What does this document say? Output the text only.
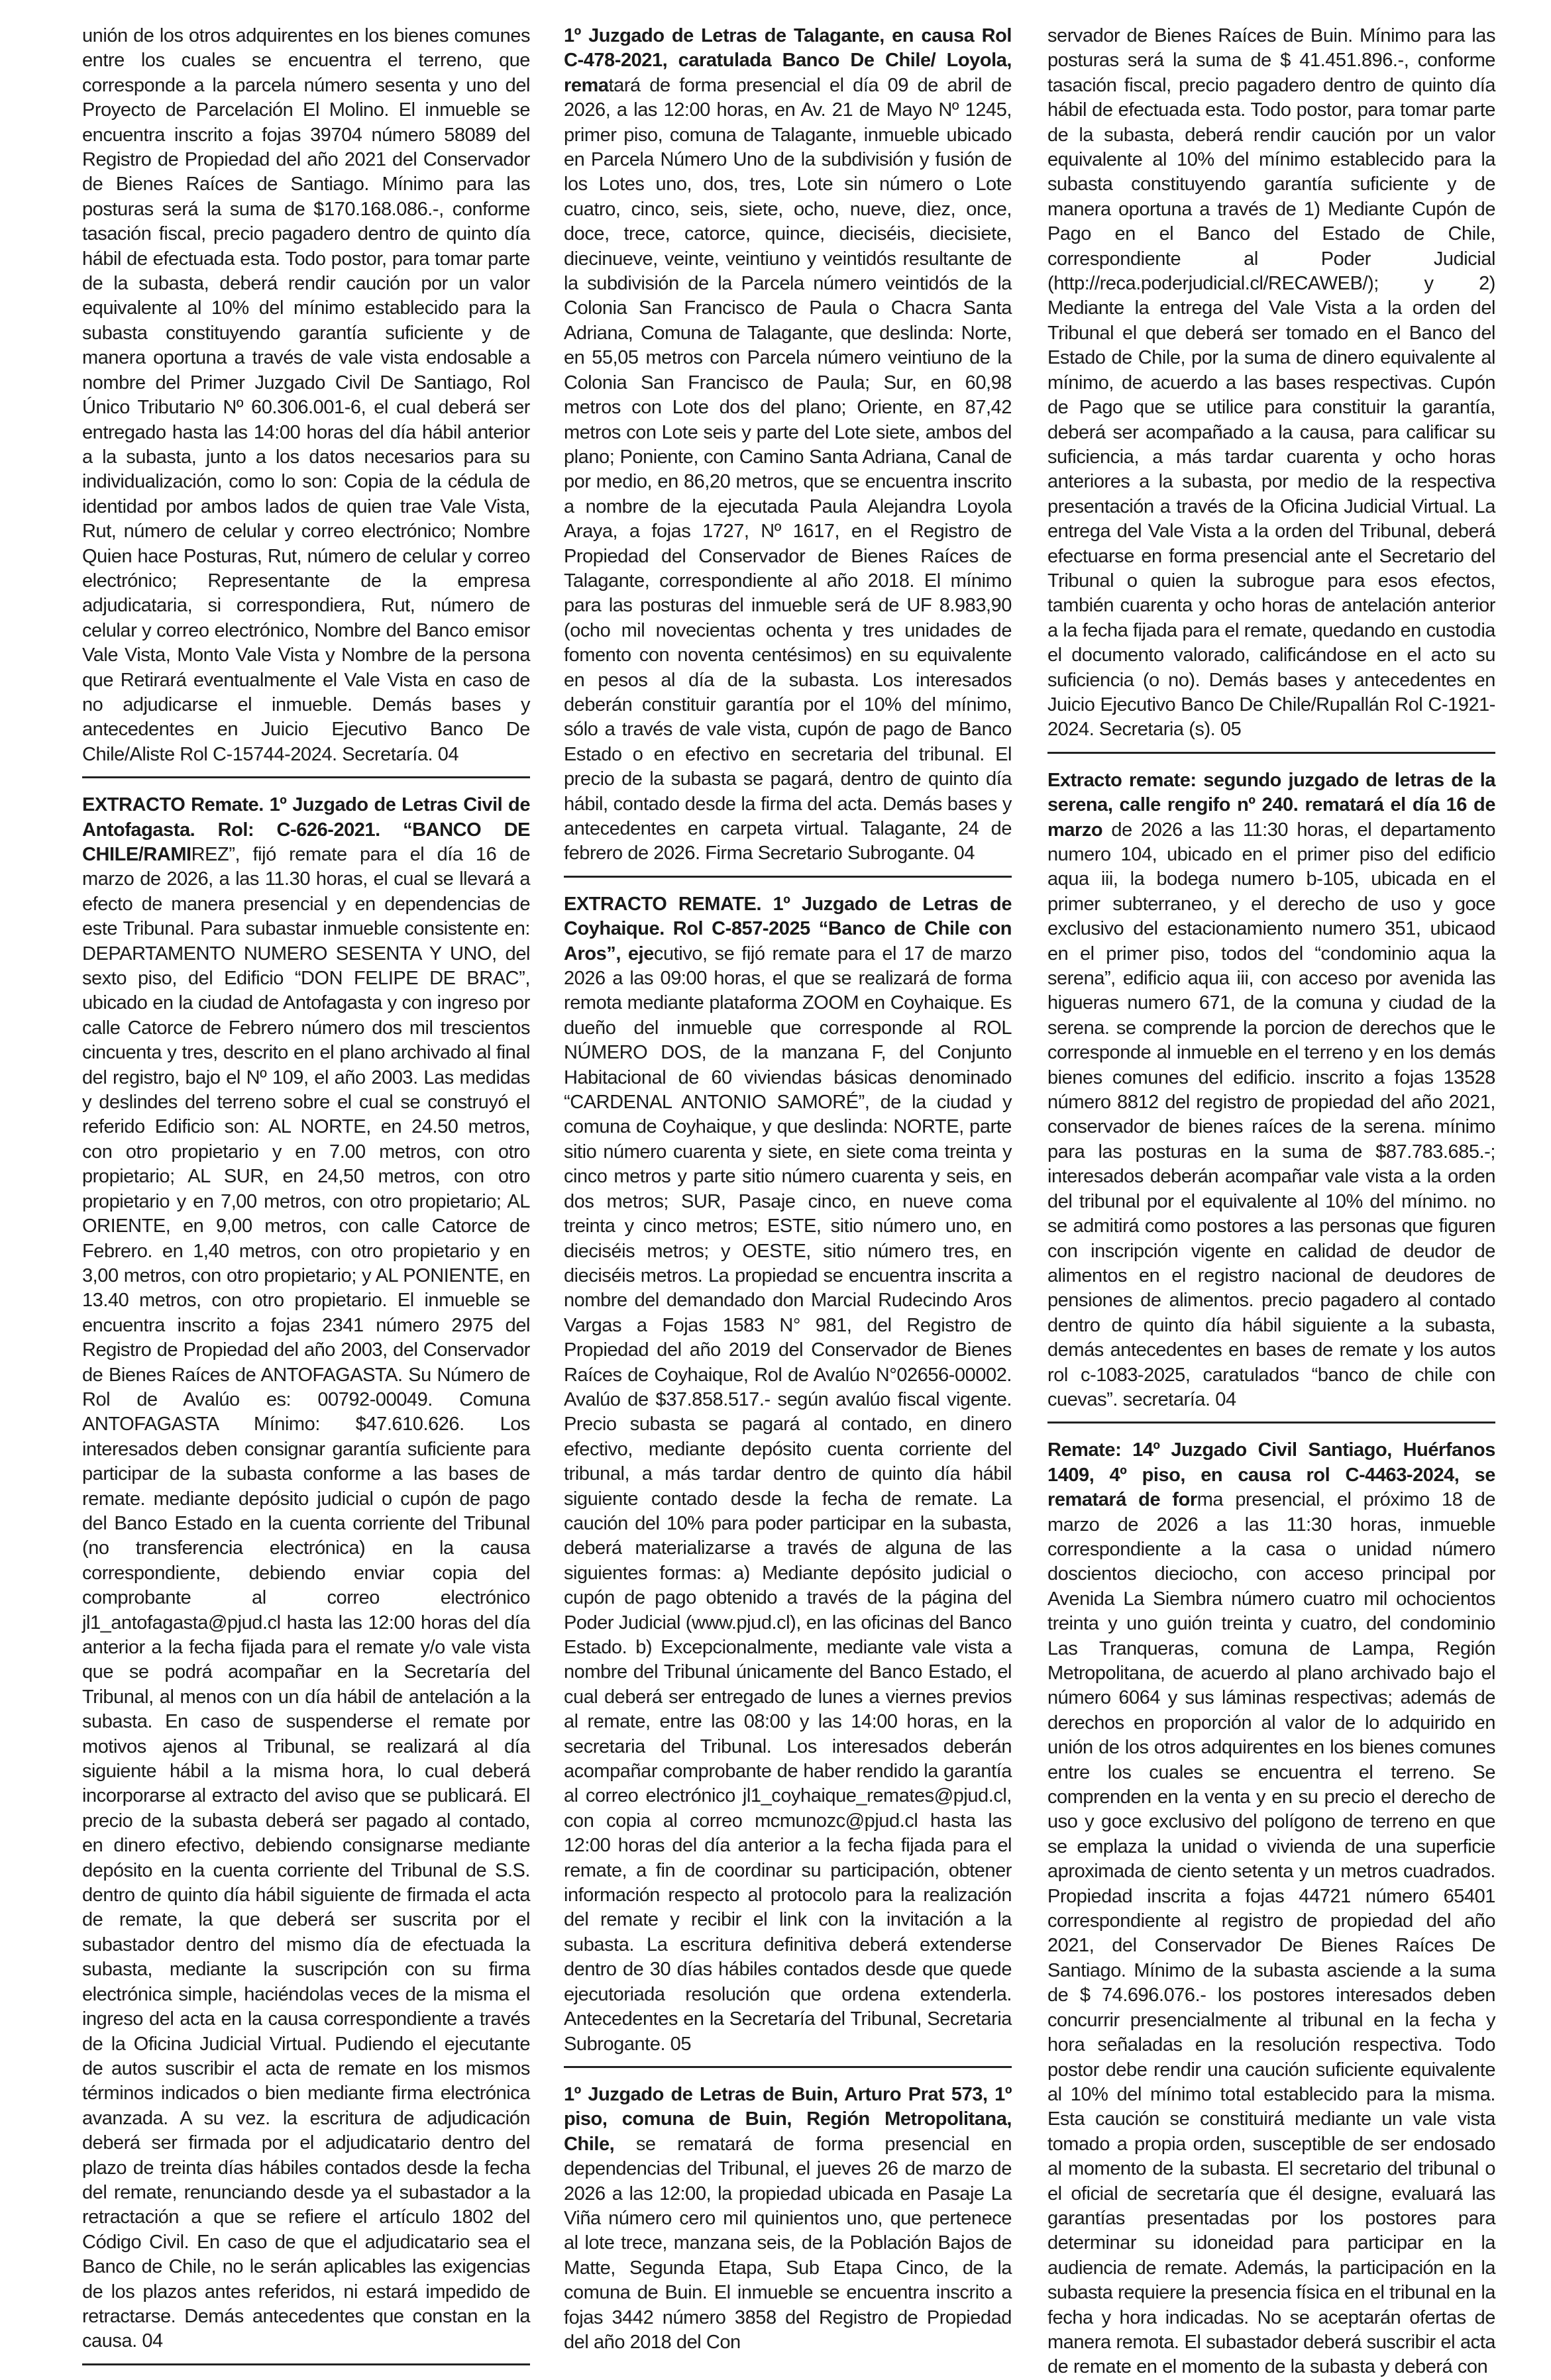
unión de los otros adquirentes en los bienes comunes entre los cuales se encuentra el terreno, que corresponde a la parcela número sesenta y uno del Proyecto de Parcelación El Molino. El inmueble se encuentra inscrito a fojas 39704 número 58089 del Registro de Propiedad del año 2021 del Conservador de Bienes Raíces de Santiago. Mínimo para las posturas será la suma de $170.168.086.-, conforme tasación fiscal, precio pagadero dentro de quinto día hábil de efectuada esta. Todo postor, para tomar parte de la subasta, deberá rendir caución por un valor equivalente al 10% del mínimo establecido para la subasta constituyendo garantía suficiente y de manera oportuna a través de vale vista endosable a nombre del Primer Juzgado Civil De Santiago, Rol Único Tributario Nº 60.306.001-6, el cual deberá ser entregado hasta las 14:00 horas del día hábil anterior a la subasta, junto a los datos necesarios para su individualización, como lo son: Copia de la cédula de identidad por ambos lados de quien trae Vale Vista, Rut, número de celular y correo electrónico; Nombre Quien hace Posturas, Rut, número de celular y correo electrónico; Representante de la empresa adjudicataria, si correspondiera, Rut, número de celular y correo electrónico, Nombre del Banco emisor Vale Vista, Monto Vale Vista y Nombre de la persona que Retirará eventualmente el Vale Vista en caso de no adjudicarse el inmueble. Demás bases y antecedentes en Juicio Ejecutivo Banco De Chile/Aliste Rol C-15744-2024. Secretaría. 04

EXTRACTO Remate. 1º Juzgado de Letras Civil de Antofagasta. Rol: C-626-2021. “BANCO DE CHILE/RAMIREZ”, fijó remate para el día 16 de marzo de 2026, a las 11.30 horas, el cual se llevará a efecto de manera presencial y en dependencias de este Tribunal. Para subastar inmueble consistente en: DEPARTAMENTO NUMERO SESENTA Y UNO, del sexto piso, del Edificio “DON FELIPE DE BRAC”, ubicado en la ciudad de Antofagasta y con ingreso por calle Catorce de Febrero número dos mil trescientos cincuenta y tres, descrito en el plano archivado al final del registro, bajo el Nº 109, el año 2003. Las medidas y deslindes del terreno sobre el cual se construyó el referido Edificio son: AL NORTE, en 24.50 metros, con otro propietario y en 7.00 metros, con otro propietario; AL SUR, en 24,50 metros, con otro propietario y en 7,00 metros, con otro propietario; AL ORIENTE, en 9,00 metros, con calle Catorce de Febrero. en 1,40 metros, con otro propietario y en 3,00 metros, con otro propietario; y AL PONIENTE, en 13.40 metros, con otro propietario. El inmueble se encuentra inscrito a fojas 2341 número 2975 del Registro de Propiedad del año 2003, del Conservador de Bienes Raíces de ANTOFAGASTA. Su Número de Rol de Avalúo es: 00792-00049. Comuna ANTOFAGASTA Mínimo: $47.610.626. Los interesados deben consignar garantía suficiente para participar de la subasta conforme a las bases de remate. mediante depósito judicial o cupón de pago del Banco Estado en la cuenta corriente del Tribunal (no transferencia electrónica) en la causa correspondiente, debiendo enviar copia del comprobante al correo electrónico jl1_antofagasta@pjud.cl hasta las 12:00 horas del día anterior a la fecha fijada para el remate y/o vale vista que se podrá acompañar en la Secretaría del Tribunal, al menos con un día hábil de antelación a la subasta. En caso de suspenderse el remate por motivos ajenos al Tribunal, se realizará al día siguiente hábil a la misma hora, lo cual deberá incorporarse al extracto del aviso que se publicará. El precio de la subasta deberá ser pagado al contado, en dinero efectivo, debiendo consignarse mediante depósito en la cuenta corriente del Tribunal de S.S. dentro de quinto día hábil siguiente de firmada el acta de remate, la que deberá ser suscrita por el subastador dentro del mismo día de efectuada la subasta, mediante la suscripción con su firma electrónica simple, haciéndolas veces de la misma el ingreso del acta en la causa correspondiente a través de la Oficina Judicial Virtual. Pudiendo el ejecutante de autos suscribir el acta de remate en los mismos términos indicados o bien mediante firma electrónica avanzada. A su vez. la escritura de adjudicación deberá ser firmada por el adjudicatario dentro del plazo de treinta días hábiles contados desde la fecha del remate, renunciando desde ya el subastador a la retractación a que se refiere el artículo 1802 del Código Civil. En caso de que el adjudicatario sea el Banco de Chile, no le serán aplicables las exigencias de los plazos antes referidos, ni estará impedido de retractarse. Demás antecedentes que constan en la causa. 04

1º Juzgado de Letras de Talagante, en causa Rol C-478-2021, caratulada Banco De Chile/ Loyola, rematará de forma presencial el día 09 de abril de 2026, a las 12:00 horas, en Av. 21 de Mayo Nº 1245, primer piso, comuna de Talagante, inmueble ubicado en Parcela Número Uno de la subdivisión y fusión de los Lotes uno, dos, tres, Lote sin número o Lote cuatro, cinco, seis, siete, ocho, nueve, diez, once, doce, trece, catorce, quince, dieciséis, diecisiete, diecinueve, veinte, veintiuno y veintidós resultante de la subdivisión de la Parcela número veintidós de la Colonia San Francisco de Paula o Chacra Santa Adriana, Comuna de Talagante, que deslinda: Norte, en 55,05 metros con Parcela número veintiuno de la Colonia San Francisco de Paula; Sur, en 60,98 metros con Lote dos del plano; Oriente, en 87,42 metros con Lote seis y parte del Lote siete, ambos del plano; Poniente, con Camino Santa Adriana, Canal de por medio, en 86,20 metros, que se encuentra inscrito a nombre de la ejecutada Paula Alejandra Loyola Araya, a fojas 1727, Nº 1617, en el Registro de Propiedad del Conservador de Bienes Raíces de Talagante, correspondiente al año 2018. El mínimo para las posturas del inmueble será de UF 8.983,90 (ocho mil novecientas ochenta y tres unidades de fomento con noventa centésimos) en su equivalente en pesos al día de la subasta. Los interesados deberán constituir garantía por el 10% del mínimo, sólo a través de vale vista, cupón de pago de Banco Estado o en efectivo en secretaria del tribunal. El precio de la subasta se pagará, dentro de quinto día hábil, contado desde la firma del acta. Demás bases y antecedentes en carpeta virtual. Talagante, 24 de febrero de 2026. Firma Secretario Subrogante. 04

EXTRACTO REMATE. 1º Juzgado de Letras de Coyhaique. Rol C-857-2025 “Banco de Chile con Aros”, ejecutivo, se fijó remate para el 17 de marzo 2026 a las 09:00 horas, el que se realizará de forma remota mediante plataforma ZOOM en Coyhaique. Es dueño del inmueble que corresponde al ROL NÚMERO DOS, de la manzana F, del Conjunto Habitacional de 60 viviendas básicas denominado “CARDENAL ANTONIO SAMORÉ”, de la ciudad y comuna de Coyhaique, y que deslinda: NORTE, parte sitio número cuarenta y siete, en siete coma treinta y cinco metros y parte sitio número cuarenta y seis, en dos metros; SUR, Pasaje cinco, en nueve coma treinta y cinco metros; ESTE, sitio número uno, en dieciséis metros; y OESTE, sitio número tres, en dieciséis metros. La propiedad se encuentra inscrita a nombre del demandado don Marcial Rudecindo Aros Vargas a Fojas 1583 N° 981, del Registro de Propiedad del año 2019 del Conservador de Bienes Raíces de Coyhaique, Rol de Avalúo N°02656-00002. Avalúo de $37.858.517.- según avalúo fiscal vigente. Precio subasta se pagará al contado, en dinero efectivo, mediante depósito cuenta corriente del tribunal, a más tardar dentro de quinto día hábil siguiente contado desde la fecha de remate. La caución del 10% para poder participar en la subasta, deberá materializarse a través de alguna de las siguientes formas: a) Mediante depósito judicial o cupón de pago obtenido a través de la página del Poder Judicial (www.pjud.cl), en las oficinas del Banco Estado. b) Excepcionalmente, mediante vale vista a nombre del Tribunal únicamente del Banco Estado, el cual deberá ser entregado de lunes a viernes previos al remate, entre las 08:00 y las 14:00 horas, en la secretaria del Tribunal. Los interesados deberán acompañar comprobante de haber rendido la garantía al correo electrónico jl1_coyhaique_remates@pjud.cl, con copia al correo mcmunozc@pjud.cl hasta las 12:00 horas del día anterior a la fecha fijada para el remate, a fin de coordinar su participación, obtener información respecto al protocolo para la realización del remate y recibir el link con la invitación a la subasta. La escritura definitiva deberá extenderse dentro de 30 días hábiles contados desde que quede ejecutoriada resolución que ordena extenderla. Antecedentes en la Secretaría del Tribunal, Secretaria Subrogante. 05

1º Juzgado de Letras de Buin, Arturo Prat 573, 1º piso, comuna de Buin, Región Metropolitana, Chile, se rematará de forma presencial en dependencias del Tribunal, el jueves 26 de marzo de 2026 a las 12:00, la propiedad ubicada en Pasaje La Viña número cero mil quinientos uno, que pertenece al lote trece, manzana seis, de la Población Bajos de Matte, Segunda Etapa, Sub Etapa Cinco, de la comuna de Buin. El inmueble se encuentra inscrito a fojas 3442 número 3858 del Registro de Propiedad del año 2018 del Con

servador de Bienes Raíces de Buin. Mínimo para las posturas será la suma de $ 41.451.896.-, conforme tasación fiscal, precio pagadero dentro de quinto día hábil de efectuada esta. Todo postor, para tomar parte de la subasta, deberá rendir caución por un valor equivalente al 10% del mínimo establecido para la subasta constituyendo garantía suficiente y de manera oportuna a través de 1) Mediante Cupón de Pago en el Banco del Estado de Chile, correspondiente al Poder Judicial (http://reca.poderjudicial.cl/RECAWEB/); y 2) Mediante la entrega del Vale Vista a la orden del Tribunal el que deberá ser tomado en el Banco del Estado de Chile, por la suma de dinero equivalente al mínimo, de acuerdo a las bases respectivas. Cupón de Pago que se utilice para constituir la garantía, deberá ser acompañado a la causa, para calificar su suficiencia, a más tardar cuarenta y ocho horas anteriores a la subasta, por medio de la respectiva presentación a través de la Oficina Judicial Virtual. La entrega del Vale Vista a la orden del Tribunal, deberá efectuarse en forma presencial ante el Secretario del Tribunal o quien la subrogue para esos efectos, también cuarenta y ocho horas de antelación anterior a la fecha fijada para el remate, quedando en custodia el documento valorado, calificándose en el acto su suficiencia (o no). Demás bases y antecedentes en Juicio Ejecutivo Banco De Chile/Rupallán Rol C-1921-2024. Secretaria (s). 05

Extracto remate: segundo juzgado de letras de la serena, calle rengifo nº 240. rematará el día 16 de marzo de 2026 a las 11:30 horas, el departamento numero 104, ubicado en el primer piso del edificio aqua iii, la bodega numero b-105, ubicada en el primer subterraneo, y el derecho de uso y goce exclusivo del estacionamiento numero 351, ubicaod en el primer piso, todos del “condominio aqua la serena”, edificio aqua iii, con acceso por avenida las higueras numero 671, de la comuna y ciudad de la serena. se comprende la porcion de derechos que le corresponde al inmueble en el terreno y en los demás bienes comunes del edificio. inscrito a fojas 13528 número 8812 del registro de propiedad del año 2021, conservador de bienes raíces de la serena. mínimo para las posturas en la suma de $87.783.685.-; interesados deberán acompañar vale vista a la orden del tribunal por el equivalente al 10% del mínimo. no se admitirá como postores a las personas que figuren con inscripción vigente en calidad de deudor de alimentos en el registro nacional de deudores de pensiones de alimentos. precio pagadero al contado dentro de quinto día hábil siguiente a la subasta, demás antecedentes en bases de remate y los autos rol c-1083-2025, caratulados “banco de chile con cuevas”. secretaría. 04

Remate: 14º Juzgado Civil Santiago, Huérfanos 1409, 4º piso, en causa rol C-4463-2024, se rematará de forma presencial, el próximo 18 de marzo de 2026 a las 11:30 horas, inmueble correspondiente a la casa o unidad número doscientos dieciocho, con acceso principal por Avenida La Siembra número cuatro mil ochocientos treinta y uno guión treinta y cuatro, del condominio Las Tranqueras, comuna de Lampa, Región Metropolitana, de acuerdo al plano archivado bajo el número 6064 y sus láminas respectivas; además de derechos en proporción al valor de lo adquirido en unión de los otros adquirentes en los bienes comunes entre los cuales se encuentra el terreno. Se comprenden en la venta y en su precio el derecho de uso y goce exclusivo del polígono de terreno en que se emplaza la unidad o vivienda de una superficie aproximada de ciento setenta y un metros cuadrados. Propiedad inscrita a fojas 44721 número 65401 correspondiente al registro de propiedad del año 2021, del Conservador De Bienes Raíces De Santiago. Mínimo de la subasta asciende a la suma de $ 74.696.076.- los postores interesados deben concurrir presencialmente al tribunal en la fecha y hora señaladas en la resolución respectiva. Todo postor debe rendir una caución suficiente equivalente al 10% del mínimo total establecido para la misma. Esta caución se constituirá mediante un vale vista tomado a propia orden, susceptible de ser endosado al momento de la subasta. El secretario del tribunal o el oficial de secretaría que él designe, evaluará las garantías presentadas por los postores para determinar su idoneidad para participar en la audiencia de remate. Además, la participación en la subasta requiere la presencia física en el tribunal en la fecha y hora indicadas. No se aceptarán ofertas de manera remota. El subastador deberá suscribir el acta de remate en el momento de la subasta y deberá con
